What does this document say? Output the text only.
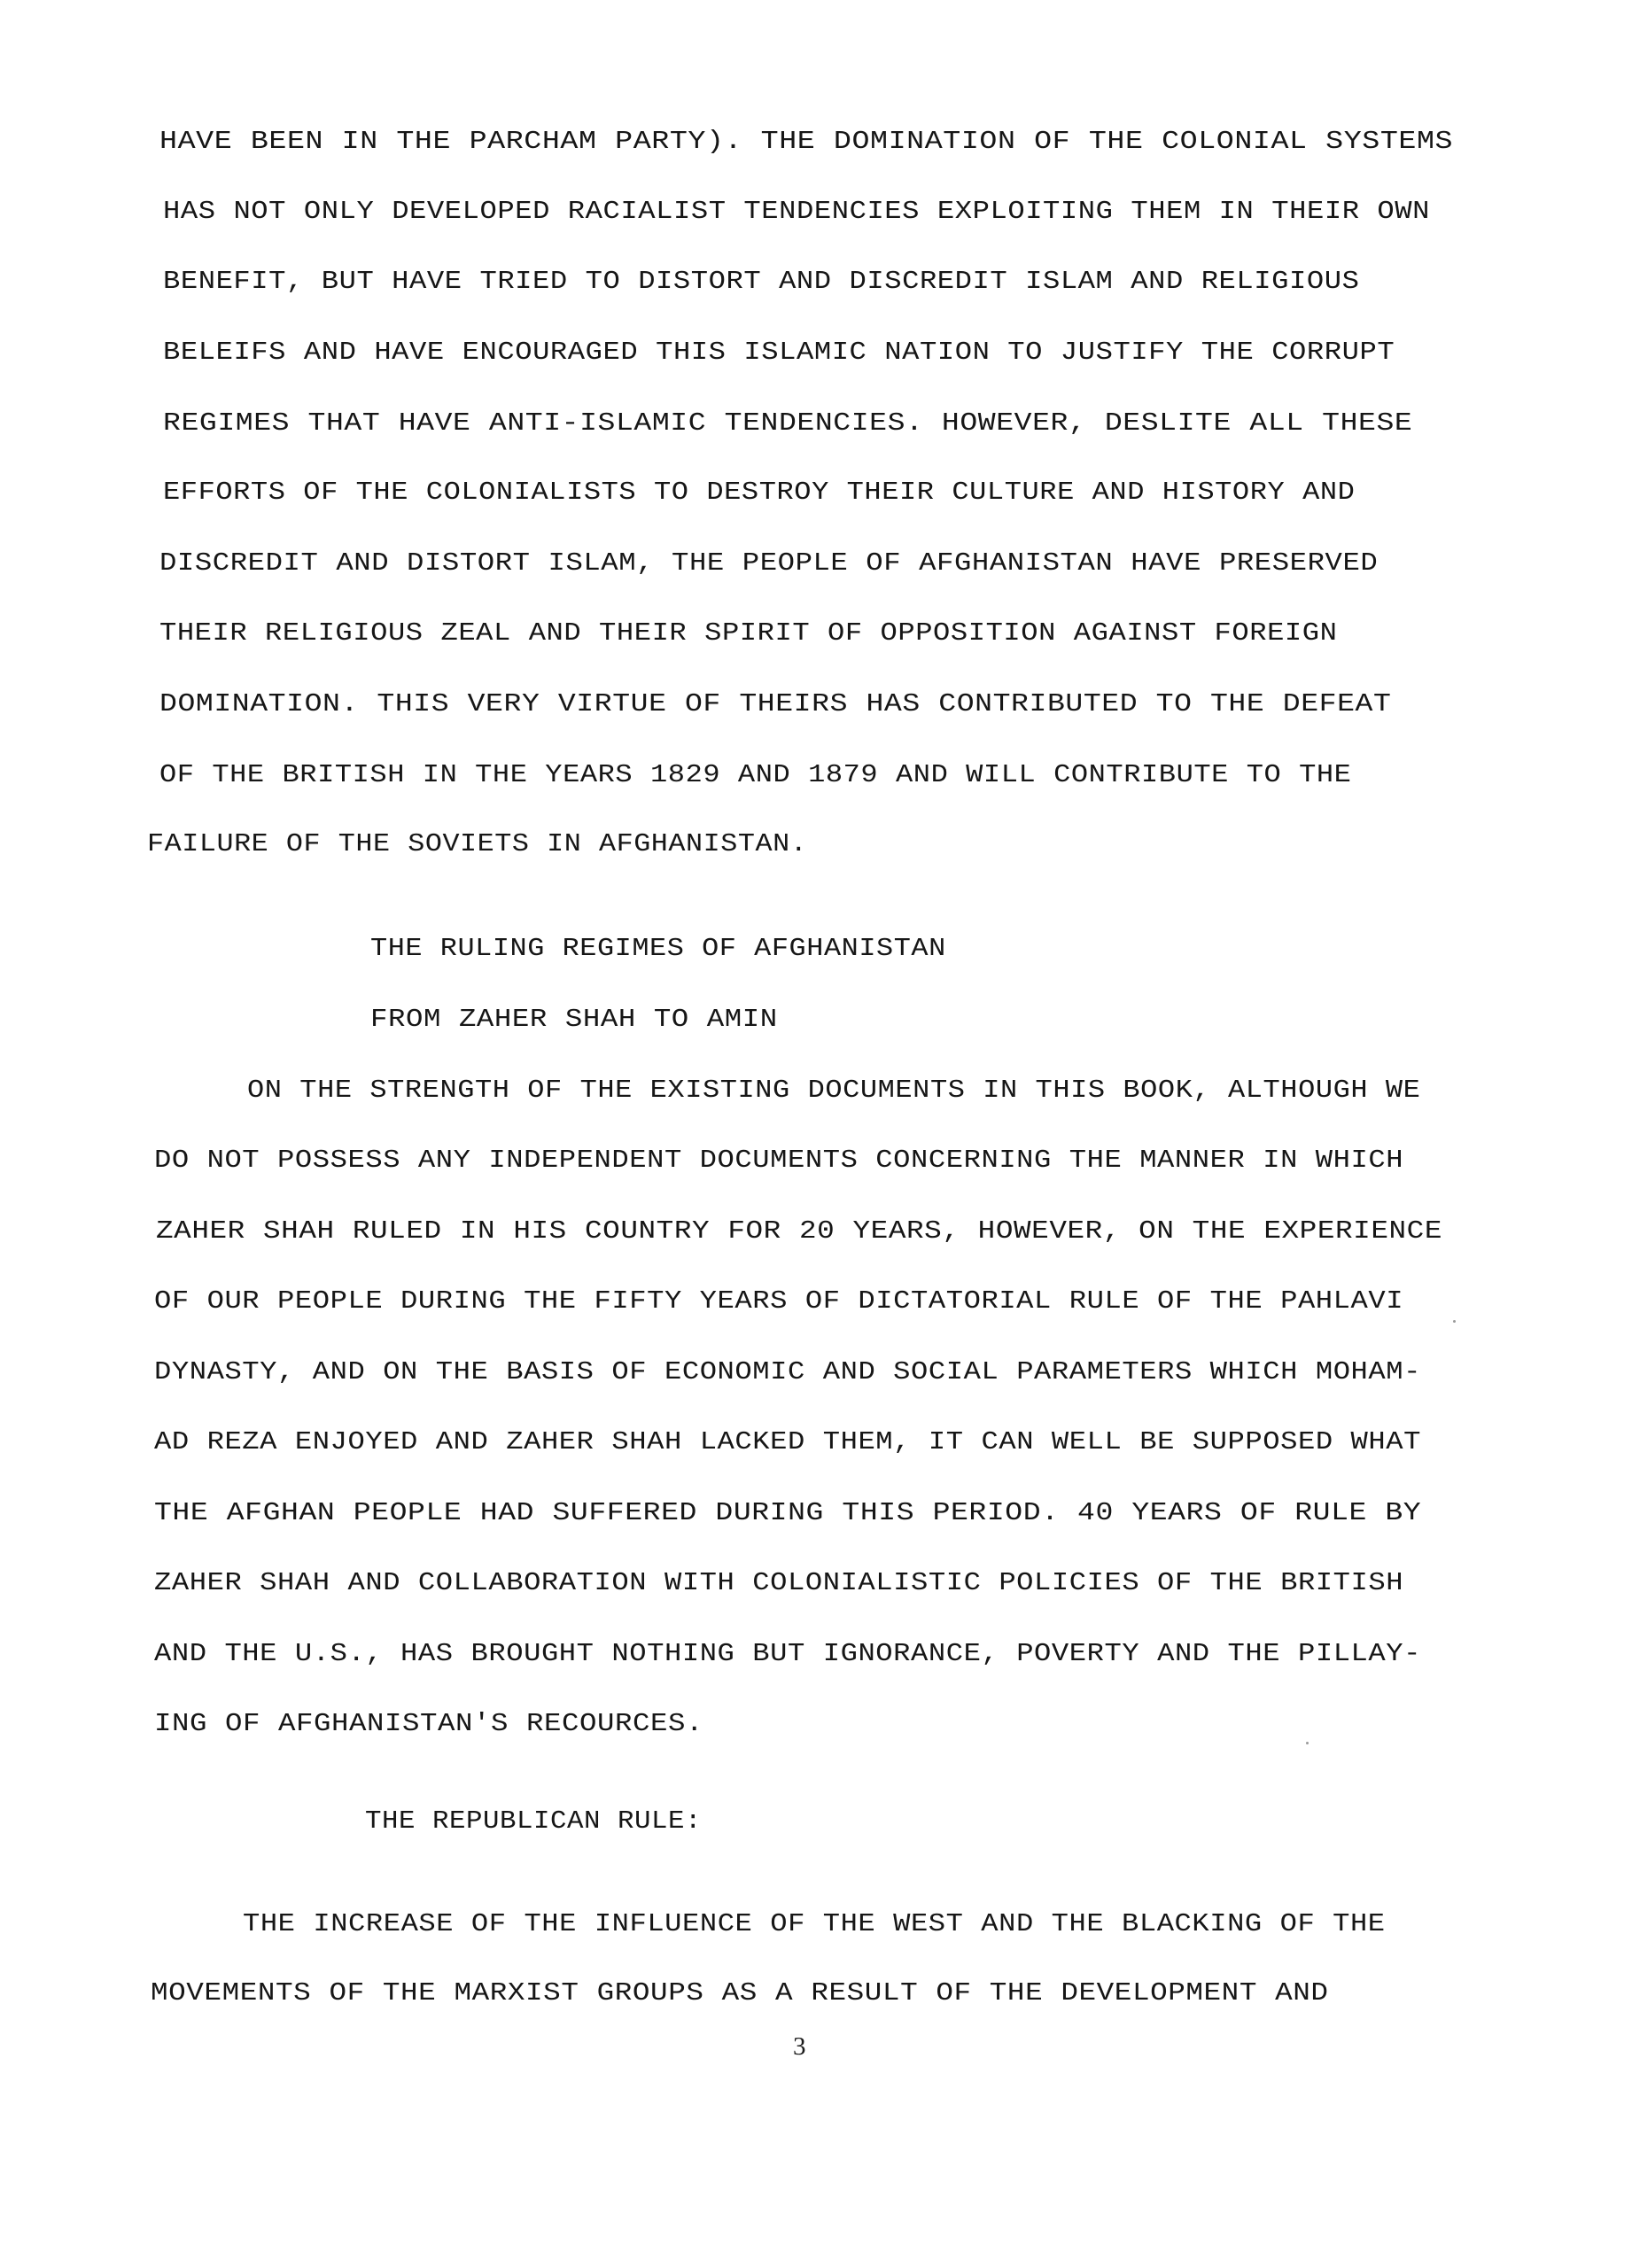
HAVE BEEN IN THE PARCHAM PARTY). THE DOMINATION OF THE COLONIAL SYSTEMS
HAS NOT ONLY DEVELOPED RACIALIST TENDENCIES EXPLOITING THEM IN THEIR OWN
BENEFIT, BUT HAVE TRIED TO DISTORT AND DISCREDIT ISLAM AND RELIGIOUS
BELEIFS AND HAVE ENCOURAGED THIS ISLAMIC NATION TO JUSTIFY THE CORRUPT
REGIMES THAT HAVE ANTI-ISLAMIC TENDENCIES. HOWEVER, DESLITE ALL THESE
EFFORTS OF THE COLONIALISTS TO DESTROY THEIR CULTURE AND HISTORY AND
DISCREDIT AND DISTORT ISLAM, THE PEOPLE OF AFGHANISTAN HAVE PRESERVED
THEIR RELIGIOUS ZEAL AND THEIR SPIRIT OF OPPOSITION AGAINST FOREIGN
DOMINATION. THIS VERY VIRTUE OF THEIRS HAS CONTRIBUTED TO THE DEFEAT
OF THE BRITISH IN THE YEARS 1829 AND 1879 AND WILL CONTRIBUTE TO THE
FAILURE OF THE SOVIETS IN AFGHANISTAN.
THE RULING REGIMES OF AFGHANISTAN
FROM ZAHER SHAH TO AMIN
ON THE STRENGTH OF THE EXISTING DOCUMENTS IN THIS BOOK, ALTHOUGH WE
DO NOT POSSESS ANY INDEPENDENT DOCUMENTS CONCERNING THE MANNER IN WHICH
ZAHER SHAH RULED IN HIS COUNTRY FOR 20 YEARS, HOWEVER, ON THE EXPERIENCE
OF OUR PEOPLE DURING THE FIFTY YEARS OF DICTATORIAL RULE OF THE PAHLAVI
DYNASTY, AND ON THE BASIS OF ECONOMIC AND SOCIAL PARAMETERS WHICH MOHAM-
AD REZA ENJOYED AND ZAHER SHAH LACKED THEM, IT CAN WELL BE SUPPOSED WHAT
THE AFGHAN PEOPLE HAD SUFFERED DURING THIS PERIOD. 40 YEARS OF RULE BY
ZAHER SHAH AND COLLABORATION WITH COLONIALISTIC POLICIES OF THE BRITISH
AND THE U.S., HAS BROUGHT NOTHING BUT IGNORANCE, POVERTY AND THE PILLAY-
ING OF AFGHANISTAN'S RECOURCES.
THE REPUBLICAN RULE:
THE INCREASE OF THE INFLUENCE OF THE WEST AND THE BLACKING OF THE
MOVEMENTS OF THE MARXIST GROUPS AS A RESULT OF THE DEVELOPMENT AND
3
